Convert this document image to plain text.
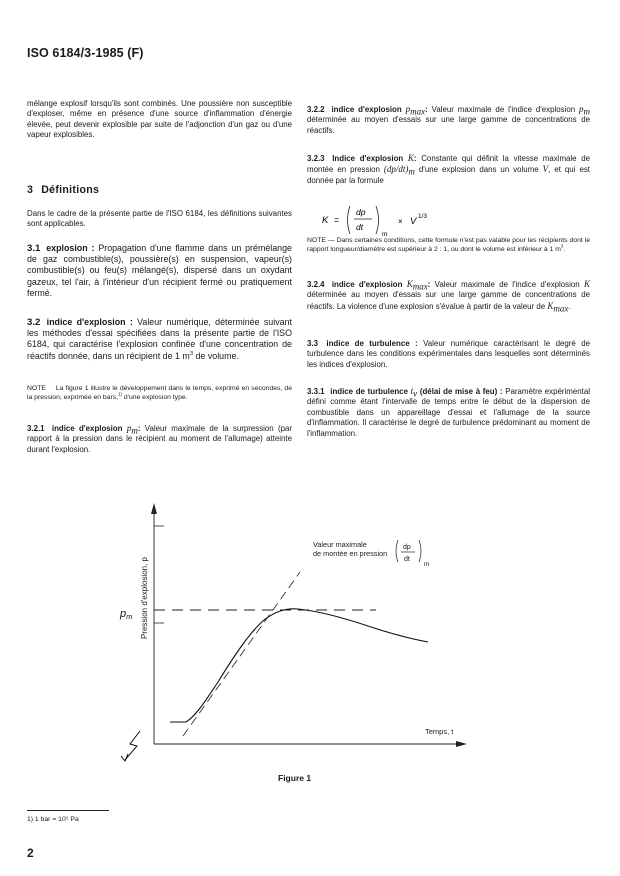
ISO 6184/3-1985 (F)

mélange explosif lorsqu'ils sont combinés. Une poussière non susceptible d'exploser, même en présence d'une source d'inflammation d'énergie élevée, peut devenir explosible par suite de l'adjonction d'un gaz ou d'une vapeur explosibles.

3 Définitions

Dans le cadre de la présente partie de l'ISO 6184, les définitions suivantes sont applicables.

3.1 explosion : Propagation d'une flamme dans un prémélange de gaz combustible(s), poussière(s) en suspension, vapeur(s) combustible(s) ou feu(s) mélangé(s), dispersé dans un oxydant gazeux, tel l'air, à l'intérieur d'un récipient fermé ou pratiquement fermé.

3.2 indice d'explosion : Valeur numérique, déterminée suivant les méthodes d'essai spécifiées dans la présente partie de l'ISO 6184, qui caractérise l'explosion confinée d'une concentration de réactifs donnée, dans un récipient de 1 $m^3$ de volume.

NOTE La figure 1 illustre le développement dans le temps, exprimé en secondes, de la pression, exprimée en bars,$^{1)}$ d'une explosion type.

3.2.1 indice d'explosion $p_m$: Valeur maximale de la surpression (par rapport à la pression dans le récipient au moment de l'allumage) atteinte durant l'explosion.

3.2.2 indice d'explosion $p_{max}$: Valeur maximale de l'indice d'explosion $p_m$ déterminée au moyen d'essais sur une large gamme de concentrations de réactifs.

3.2.3 Indice d'explosion K: Constante qui définit la vitesse maximale de montée en pression $(dp/dt)_m$ d'une explosion dans un volume V, et qui est donnée par la formule

K =
dp
dt
m
× V 1/3

NOTE — Dans certaines conditions, cette formule n'est pas valable pour les récipients dont le rapport longueur/diamètre est supérieur à 2 : 1, ou dont le volume est inférieur à 1 $m^3$.

3.2.4 indice d'explosion $K_{max}$: Valeur maximale de l'indice d'explosion K déterminée au moyen d'essais sur une large gamme de concentrations de réactifs. La violence d'une explosion s'évalue à partir de la valeur de $K_{max}$.

3.3 indice de turbulence : Valeur numérique caractérisant le degré de turbulence dans les conditions expérimentales dans lesquelles sont déterminés les indices d'explosion.

3.3.1 indice de turbulence $t_v$ (délai de mise à feu) : Paramètre expérimental défini comme étant l'intervalle de temps entre le début de la dispersion de combustible dans un appareillage d'essai et l'allumage de la source d'inflammation. Il caractérise le degré de turbulence prédominant au moment de l'inflammation.

Pression d'explosion, p
pm
Valeur maximale
de montée en pression
dp
dt
m
Temps, t
Figure 1
1) 1 bar = 10⁵ Pa
2
